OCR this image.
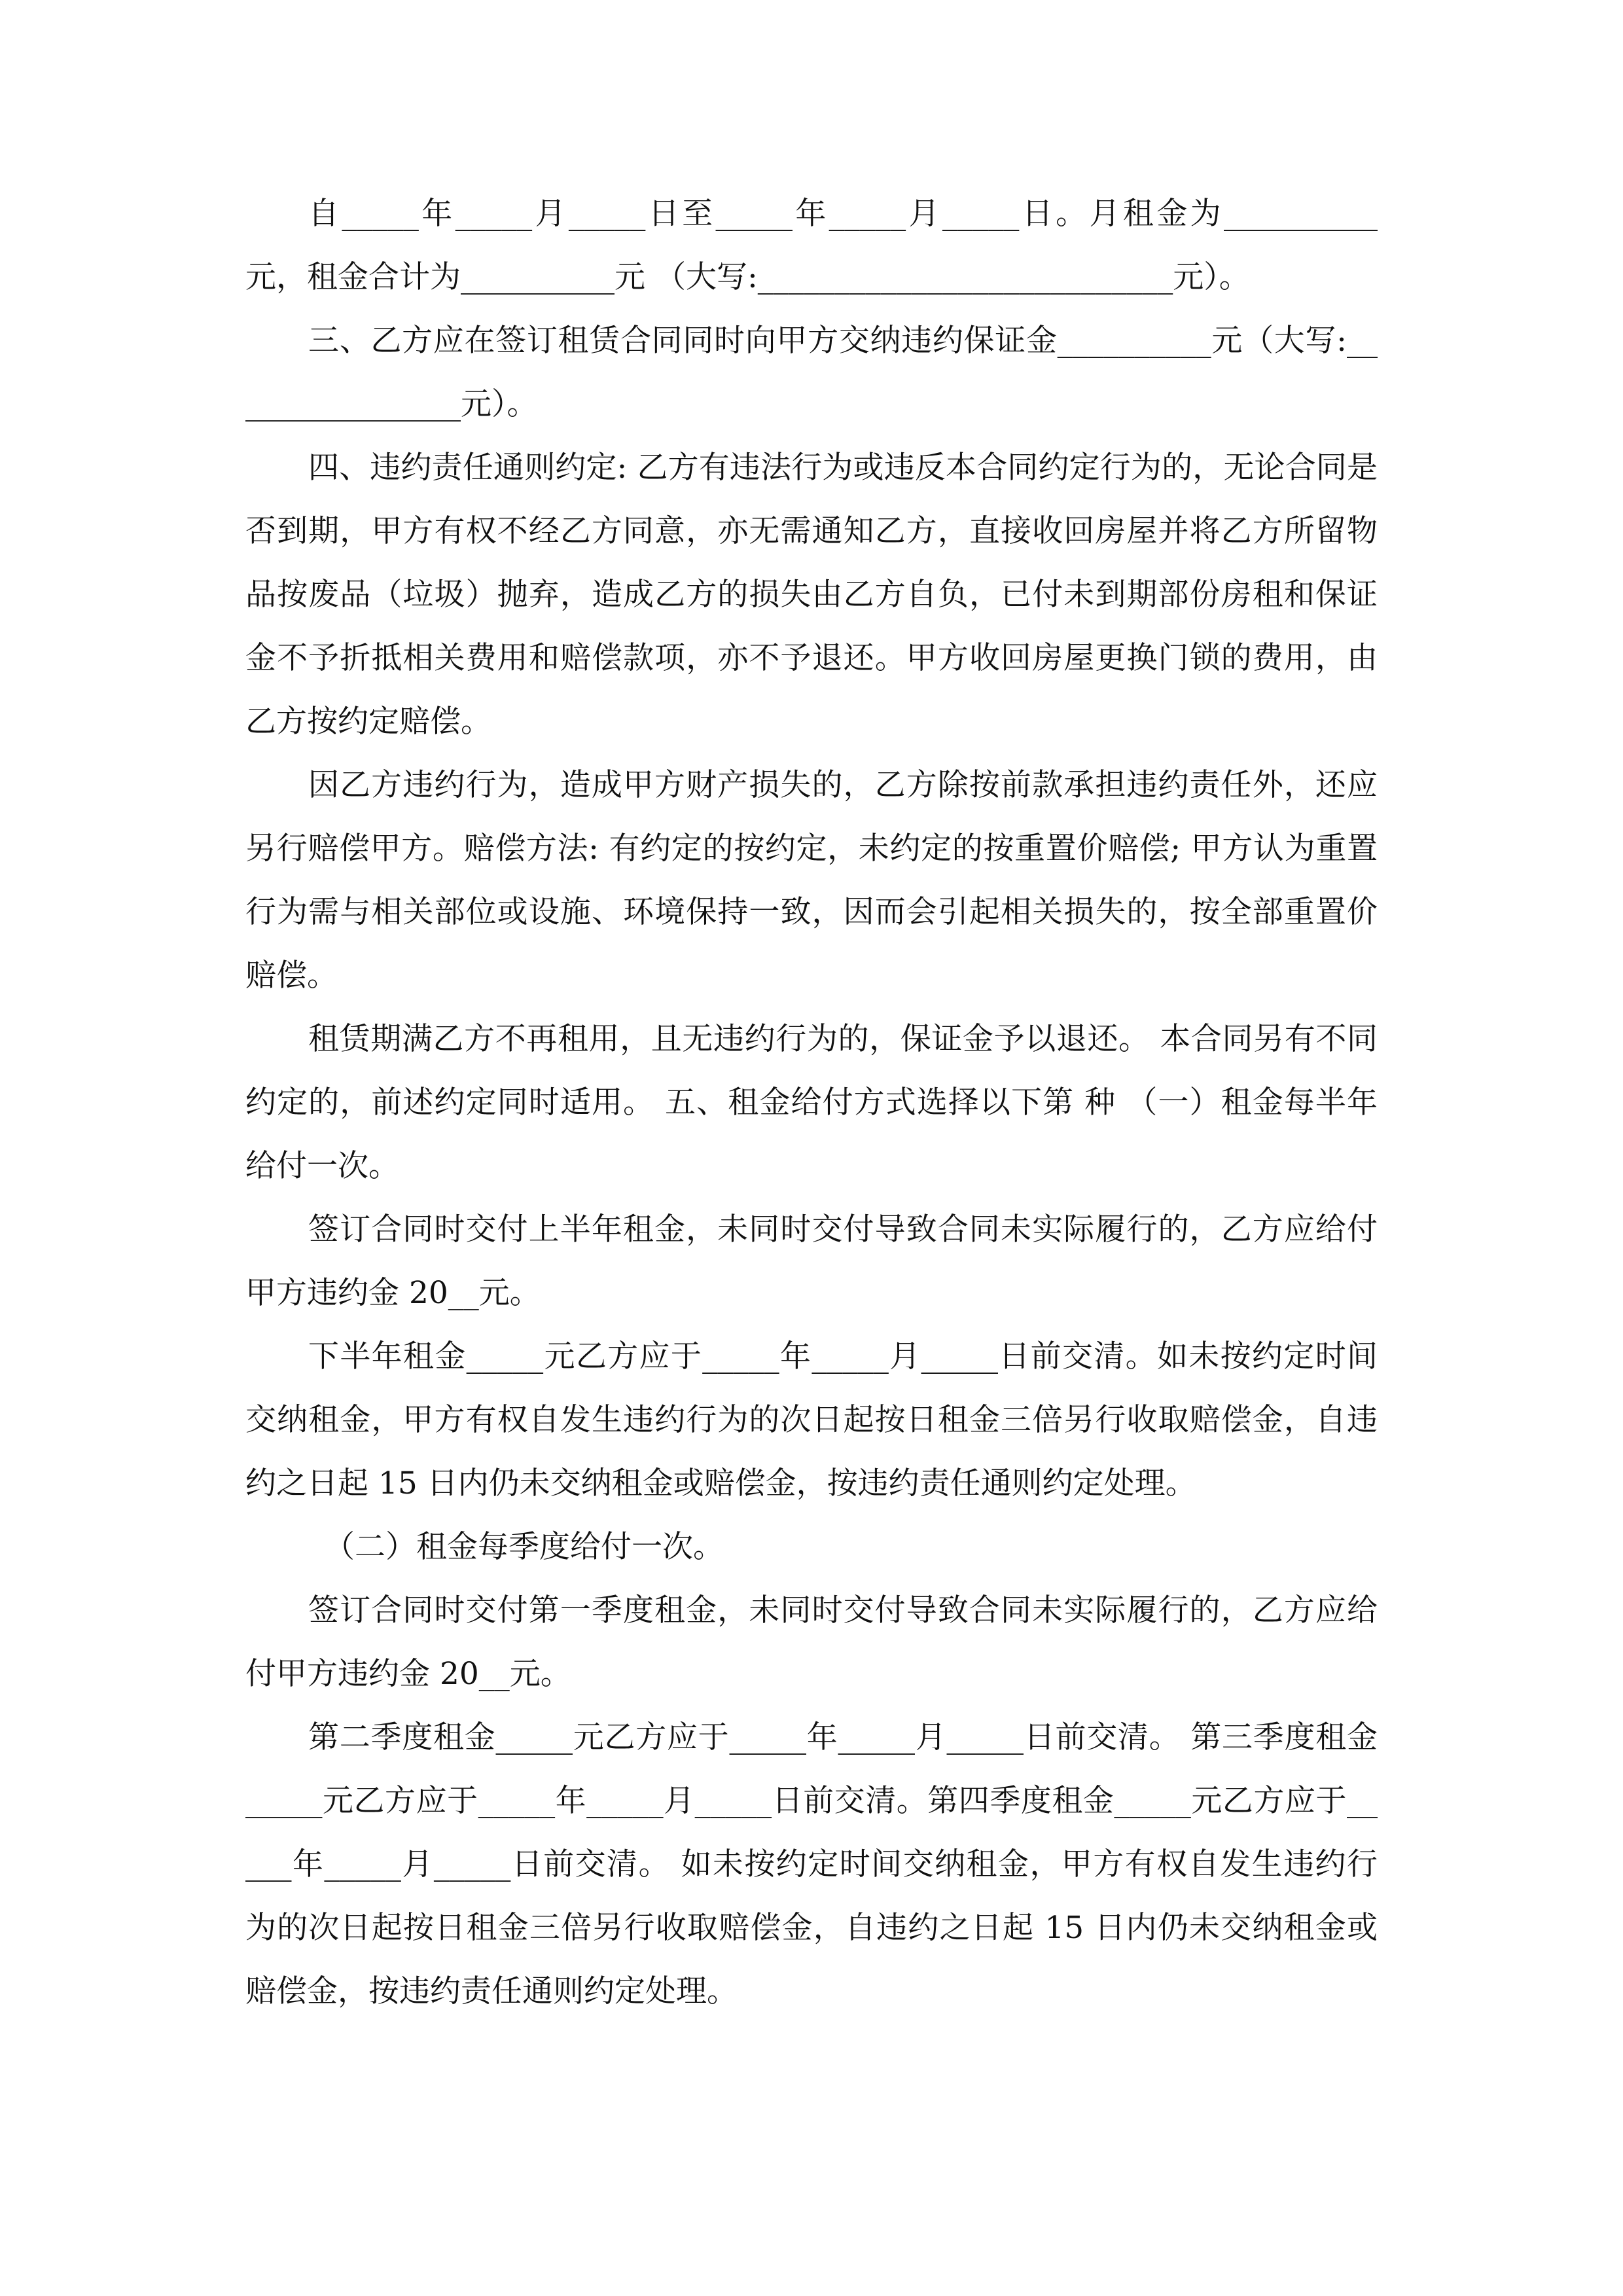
自_____年_____月_____日至_____年_____月_____日。月租金为__________元，租金合计为__________元 （大写:___________________________元）。

三、乙方应在签订租赁合同同时向甲方交纳违约保证金__________元（大写:________________元）。

四、违约责任通则约定: 乙方有违法行为或违反本合同约定行为的，无论合同是否到期，甲方有权不经乙方同意，亦无需通知乙方，直接收回房屋并将乙方所留物品按废品（垃圾）抛弃，造成乙方的损失由乙方自负，已付未到期部份房租和保证金不予折抵相关费用和赔偿款项，亦不予退还。甲方收回房屋更换门锁的费用，由乙方按约定赔偿。

因乙方违约行为，造成甲方财产损失的，乙方除按前款承担违约责任外，还应另行赔偿甲方。赔偿方法: 有约定的按约定，未约定的按重置价赔偿; 甲方认为重置行为需与相关部位或设施、环境保持一致，因而会引起相关损失的，按全部重置价赔偿。

租赁期满乙方不再租用，且无违约行为的，保证金予以退还。 本合同另有不同约定的，前述约定同时适用。 五、租金给付方式选择以下第 种 （一）租金每半年给付一次。

签订合同时交付上半年租金，未同时交付导致合同未实际履行的，乙方应给付甲方违约金 20__元。

下半年租金_____元乙方应于_____年_____月_____日前交清。如未按约定时间交纳租金，甲方有权自发生违约行为的次日起按日租金三倍另行收取赔偿金，自违约之日起 15 日内仍未交纳租金或赔偿金，按违约责任通则约定处理。

（二）租金每季度给付一次。

签订合同时交付第一季度租金，未同时交付导致合同未实际履行的，乙方应给付甲方违约金 20__元。

第二季度租金_____元乙方应于_____年_____月_____日前交清。 第三季度租金_____元乙方应于_____年_____月_____日前交清。第四季度租金_____元乙方应于_____年_____月_____日前交清。 如未按约定时间交纳租金，甲方有权自发生违约行为的次日起按日租金三倍另行收取赔偿金，自违约之日起 15 日内仍未交纳租金或赔偿金，按违约责任通则约定处理。
